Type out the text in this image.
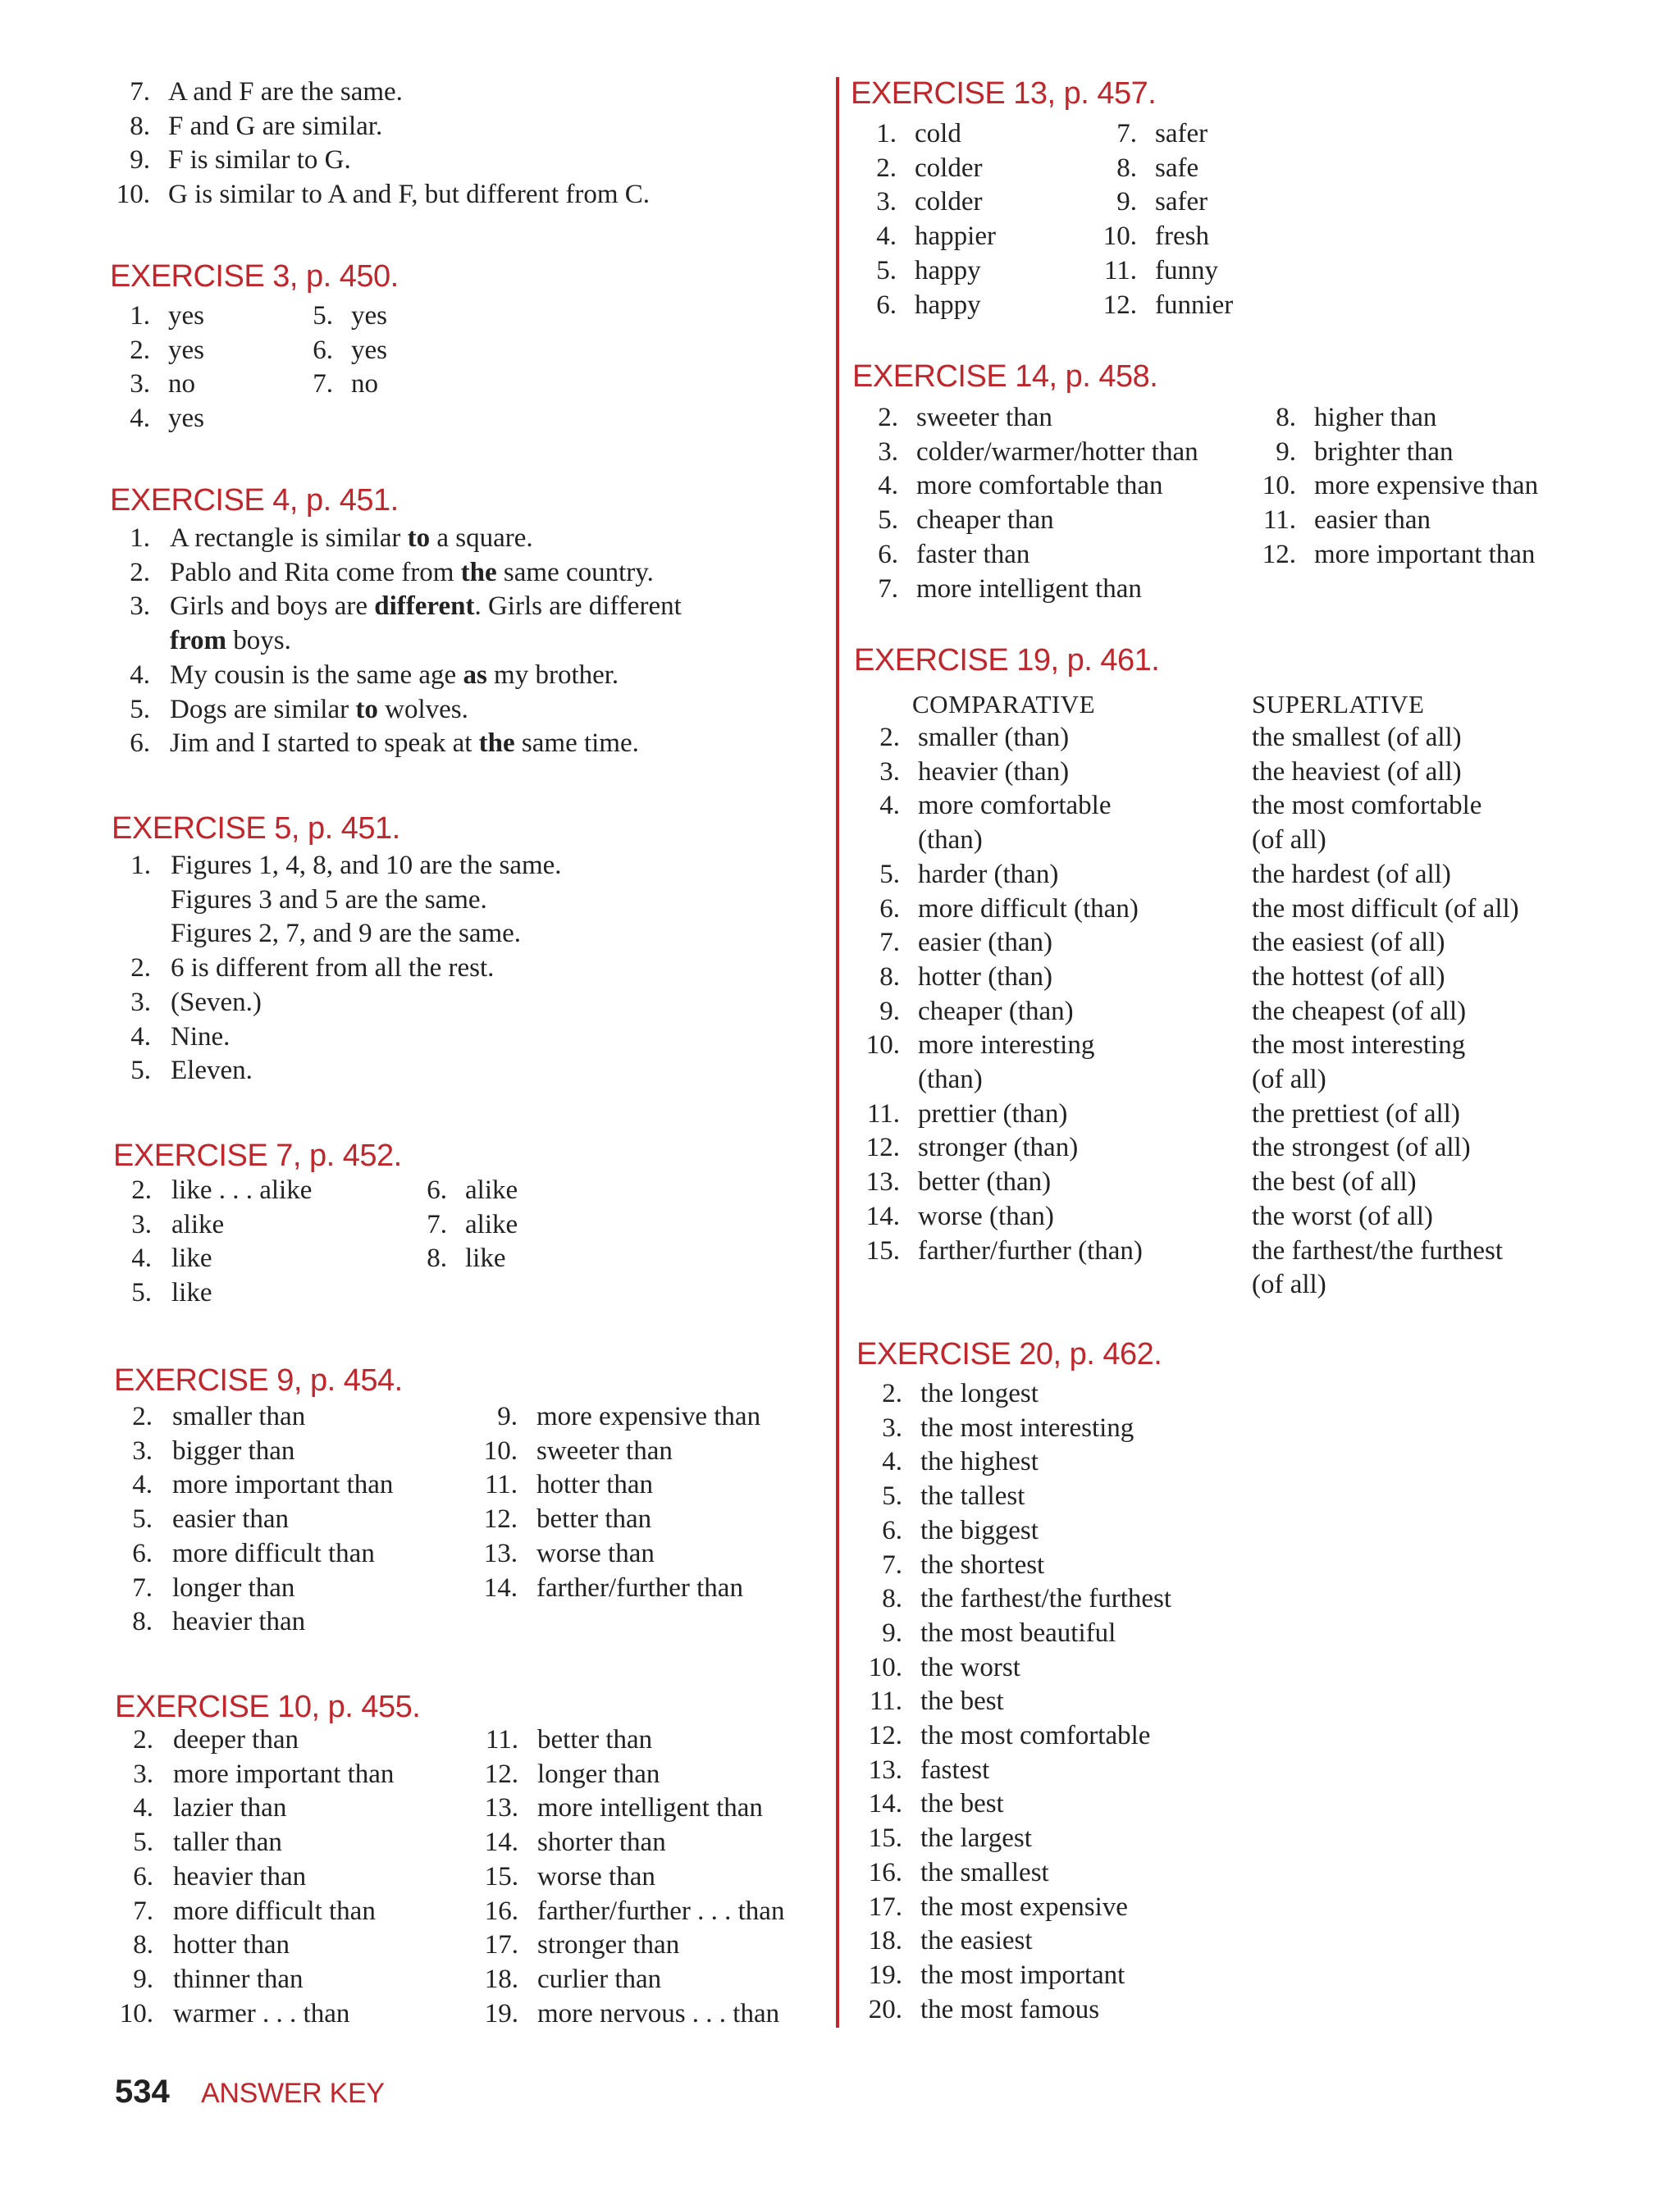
7. A and F are the same.
8. F and G are similar.
9. F is similar to G.
10. G is similar to A and F, but different from C.
EXERCISE 3, p. 450.
1. yes
2. yes
3. no
4. yes
5. yes
6. yes
7. no
EXERCISE 4, p. 451.
1. A rectangle is similar to a square.
2. Pablo and Rita come from the same country.
3. Girls and boys are different. Girls are different
from boys.
4. My cousin is the same age as my brother.
5. Dogs are similar to wolves.
6. Jim and I started to speak at the same time.
EXERCISE 5, p. 451.
1. Figures 1, 4, 8, and 10 are the same.
Figures 3 and 5 are the same.
Figures 2, 7, and 9 are the same.
2. 6 is different from all the rest.
3. (Seven.)
4. Nine.
5. Eleven.
EXERCISE 7, p. 452.
2. like . . . alike
3. alike
4. like
5. like
6. alike
7. alike
8. like
EXERCISE 9, p. 454.
2. smaller than
3. bigger than
4. more important than
5. easier than
6. more difficult than
7. longer than
8. heavier than
9. more expensive than
10. sweeter than
11. hotter than
12. better than
13. worse than
14. farther/further than
EXERCISE 10, p. 455.
2. deeper than
3. more important than
4. lazier than
5. taller than
6. heavier than
7. more difficult than
8. hotter than
9. thinner than
10. warmer . . . than
11. better than
12. longer than
13. more intelligent than
14. shorter than
15. worse than
16. farther/further . . . than
17. stronger than
18. curlier than
19. more nervous . . . than
EXERCISE 13, p. 457.
1. cold
2. colder
3. colder
4. happier
5. happy
6. happy
7. safer
8. safe
9. safer
10. fresh
11. funny
12. funnier
EXERCISE 14, p. 458.
2. sweeter than
3. colder/warmer/hotter than
4. more comfortable than
5. cheaper than
6. faster than
7. more intelligent than
8. higher than
9. brighter than
10. more expensive than
11. easier than
12. more important than
EXERCISE 19, p. 461.
COMPARATIVE	SUPERLATIVE
2. smaller (than)	the smallest (of all)
3. heavier (than)	the heaviest (of all)
4. more comfortable	the most comfortable
(than)	(of all)
5. harder (than)	the hardest (of all)
6. more difficult (than)	the most difficult (of all)
7. easier (than)	the easiest (of all)
8. hotter (than)	the hottest (of all)
9. cheaper (than)	the cheapest (of all)
10. more interesting	the most interesting
(than)	(of all)
11. prettier (than)	the prettiest (of all)
12. stronger (than)	the strongest (of all)
13. better (than)	the best (of all)
14. worse (than)	the worst (of all)
15. farther/further (than)	the farthest/the furthest
(of all)
EXERCISE 20, p. 462.
2. the longest
3. the most interesting
4. the highest
5. the tallest
6. the biggest
7. the shortest
8. the farthest/the furthest
9. the most beautiful
10. the worst
11. the best
12. the most comfortable
13. fastest
14. the best
15. the largest
16. the smallest
17. the most expensive
18. the easiest
19. the most important
20. the most famous
534 ANSWER KEY
